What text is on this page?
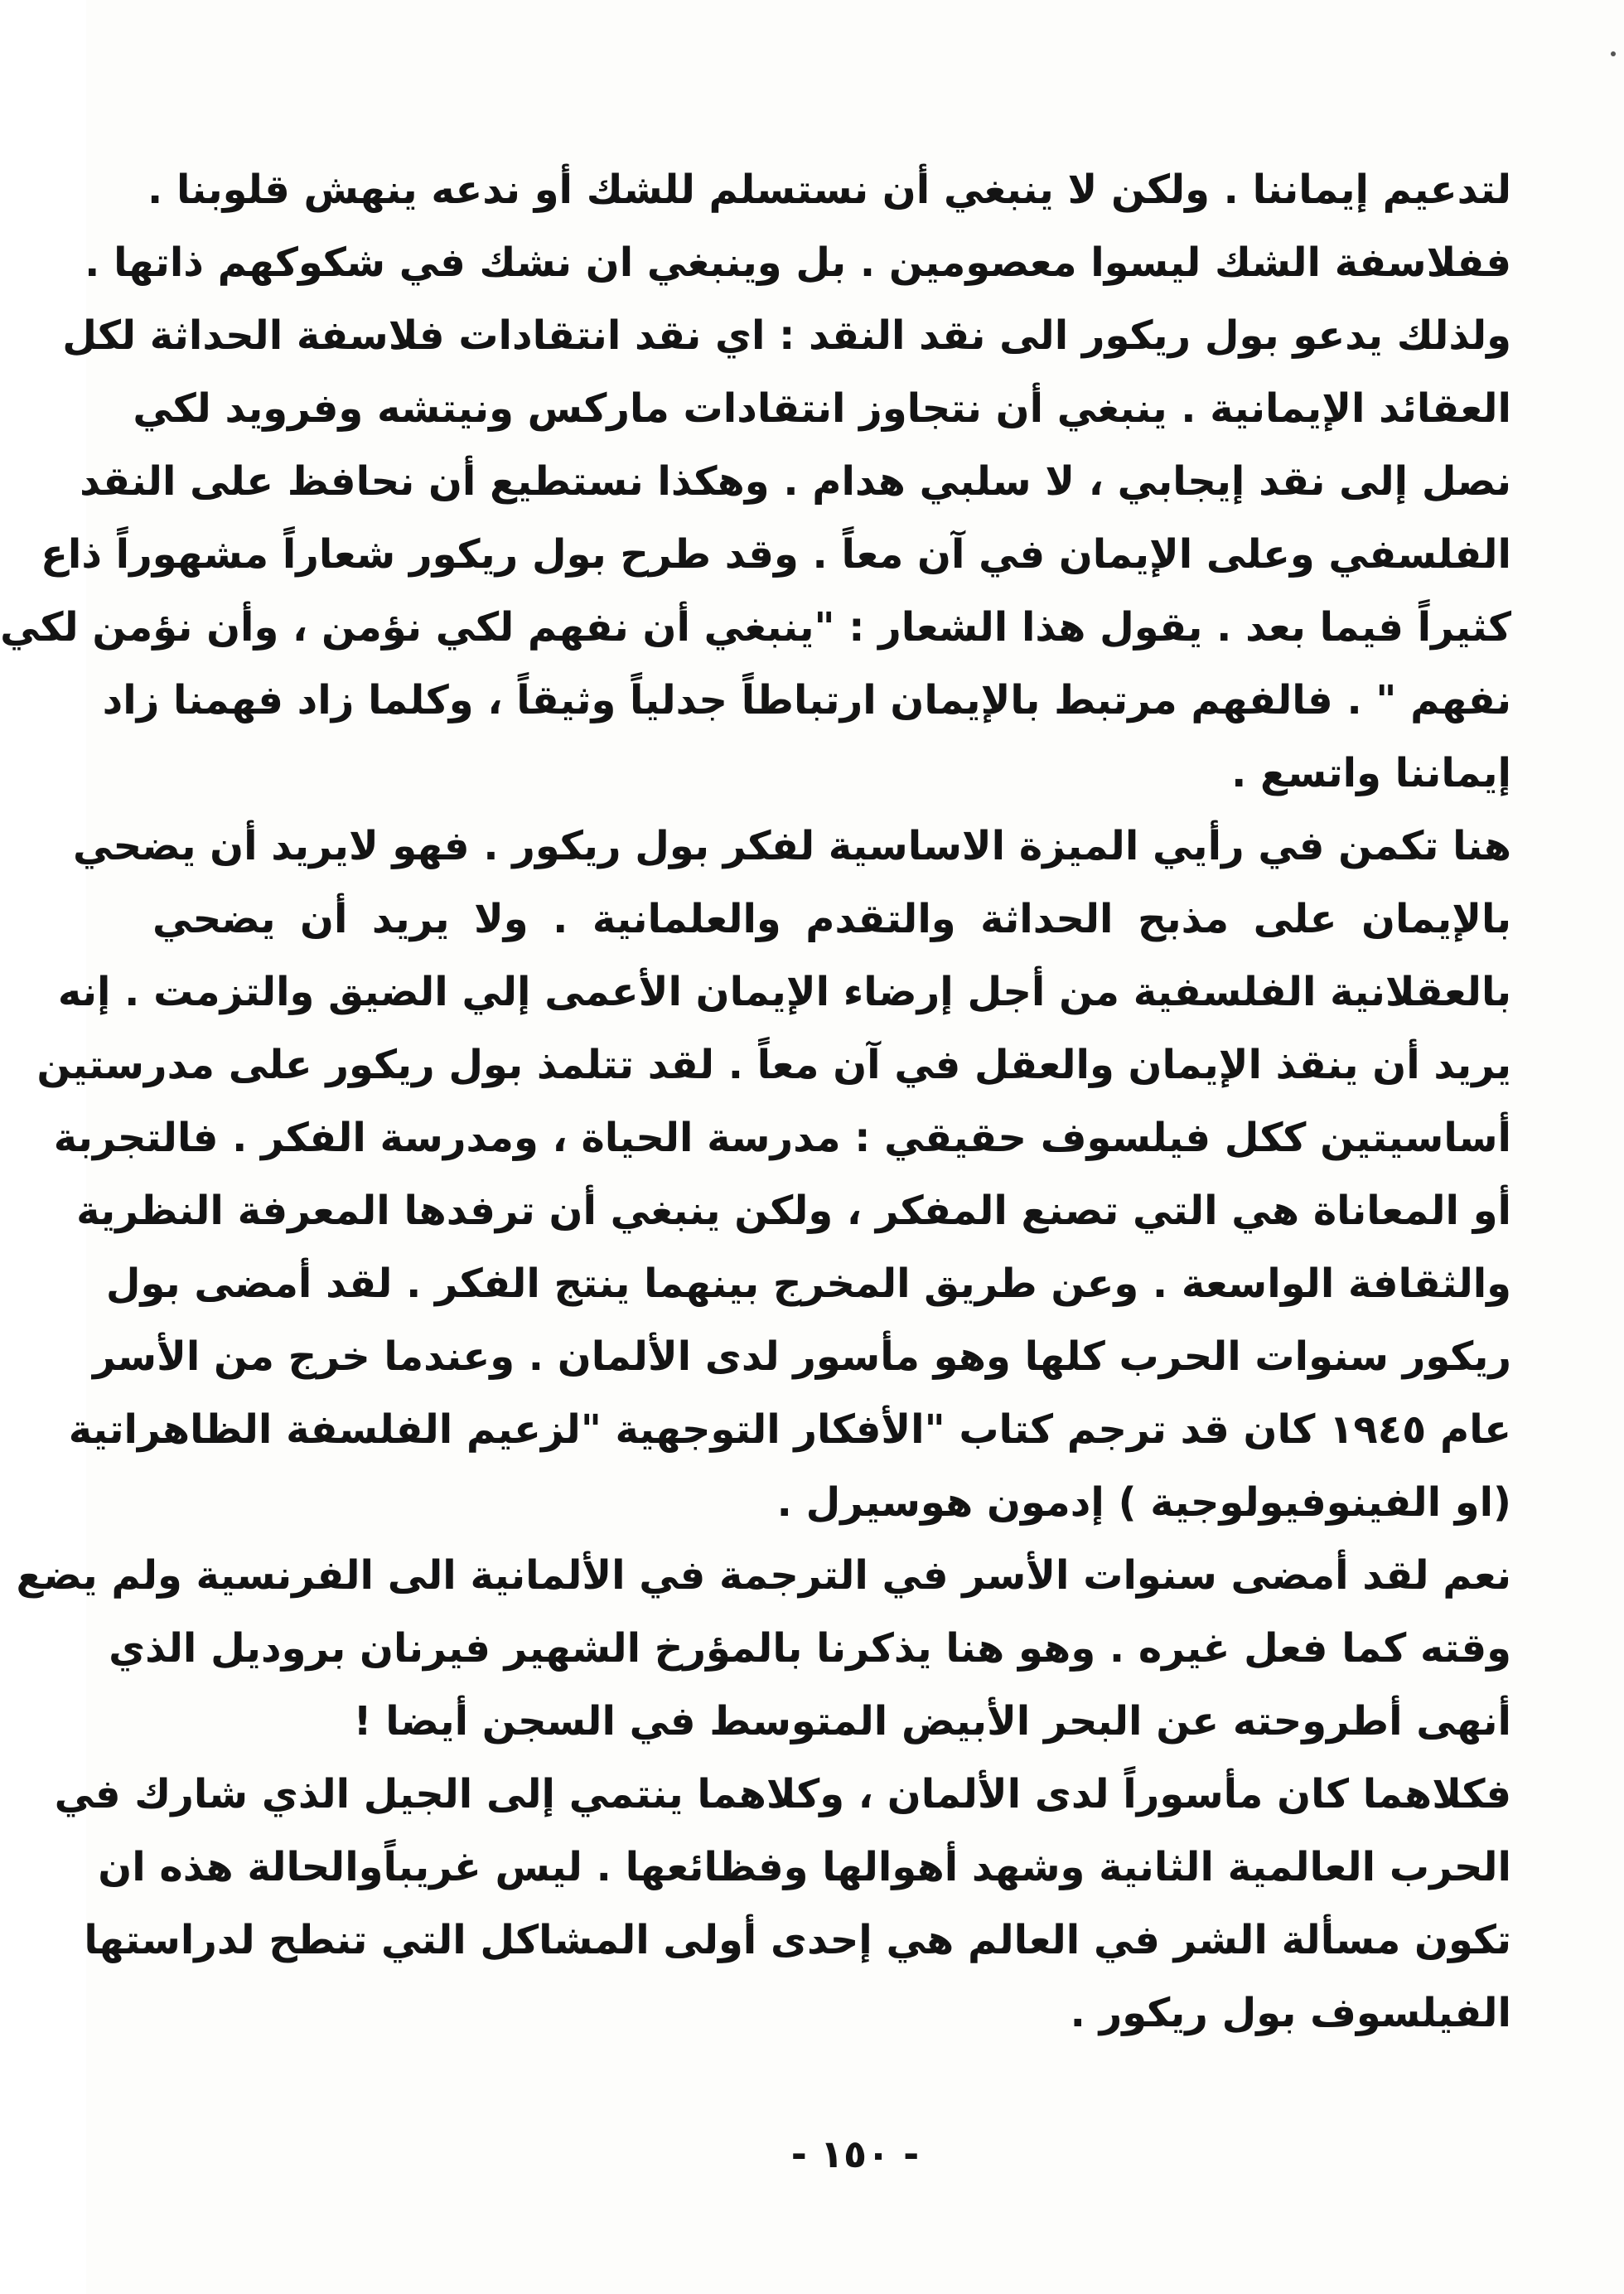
لتدعيم إيماننا . ولكن لا ينبغي أن نستسلم للشك أو ندعه ينهش قلوبنا .
ففلاسفة الشك ليسوا معصومين . بل وينبغي ان نشك في شكوكهم ذاتها .
ولذلك يدعو بول ريكور الى نقد النقد : اي نقد انتقادات فلاسفة الحداثة لكل
العقائد الإيمانية . ينبغي أن نتجاوز انتقادات ماركس ونيتشه وفرويد لكي
نصل إلى نقد إيجابي ، لا سلبي هدام . وهكذا نستطيع أن نحافظ على النقد
الفلسفي وعلى الإيمان في آن معاً . وقد طرح بول ريكور شعاراً مشهوراً ذاع
كثيراً فيما بعد . يقول هذا الشعار : "ينبغي أن نفهم لكي نؤمن ، وأن نؤمن لكي
نفهم " . فالفهم مرتبط بالإيمان ارتباطاً جدلياً وثيقاً ، وكلما زاد فهمنا زاد
إيماننا واتسع .
هنا تكمن في رأيي الميزة الاساسية لفكر بول ريكور . فهو لايريد أن يضحي
بالإيمان على مذبح الحداثة والتقدم والعلمانية . ولا يريد أن يضحي
بالعقلانية الفلسفية من أجل إرضاء الإيمان الأعمى إلي الضيق والتزمت . إنه
يريد أن ينقذ الإيمان والعقل في آن معاً . لقد تتلمذ بول ريكور على مدرستين
أساسيتين ككل فيلسوف حقيقي : مدرسة الحياة ، ومدرسة الفكر . فالتجربة
أو المعاناة هي التي تصنع المفكر ، ولكن ينبغي أن ترفدها المعرفة النظرية
والثقافة الواسعة . وعن طريق المخرج بينهما ينتج الفكر . لقد أمضى بول
ريكور سنوات الحرب كلها وهو مأسور لدى الألمان . وعندما خرج من الأسر
عام ١٩٤٥ كان قد ترجم كتاب "الأفكار التوجهية "لزعيم الفلسفة الظاهراتية
(او الفينوفيولوجية ) إدمون هوسيرل .
نعم لقد أمضى سنوات الأسر في الترجمة في الألمانية الى الفرنسية ولم يضع
وقته كما فعل غيره . وهو هنا يذكرنا بالمؤرخ الشهير فيرنان بروديل الذي
أنهى أطروحته عن البحر الأبيض المتوسط في السجن أيضا !
فكلاهما كان مأسوراً لدى الألمان ، وكلاهما ينتمي إلى الجيل الذي شارك في
الحرب العالمية الثانية وشهد أهوالها وفظائعها . ليس غريباًوالحالة هذه ان
تكون مسألة الشر في العالم هي إحدى أولى المشاكل التي تنطح لدراستها
الفيلسوف بول ريكور .
- ١٥٠ -
